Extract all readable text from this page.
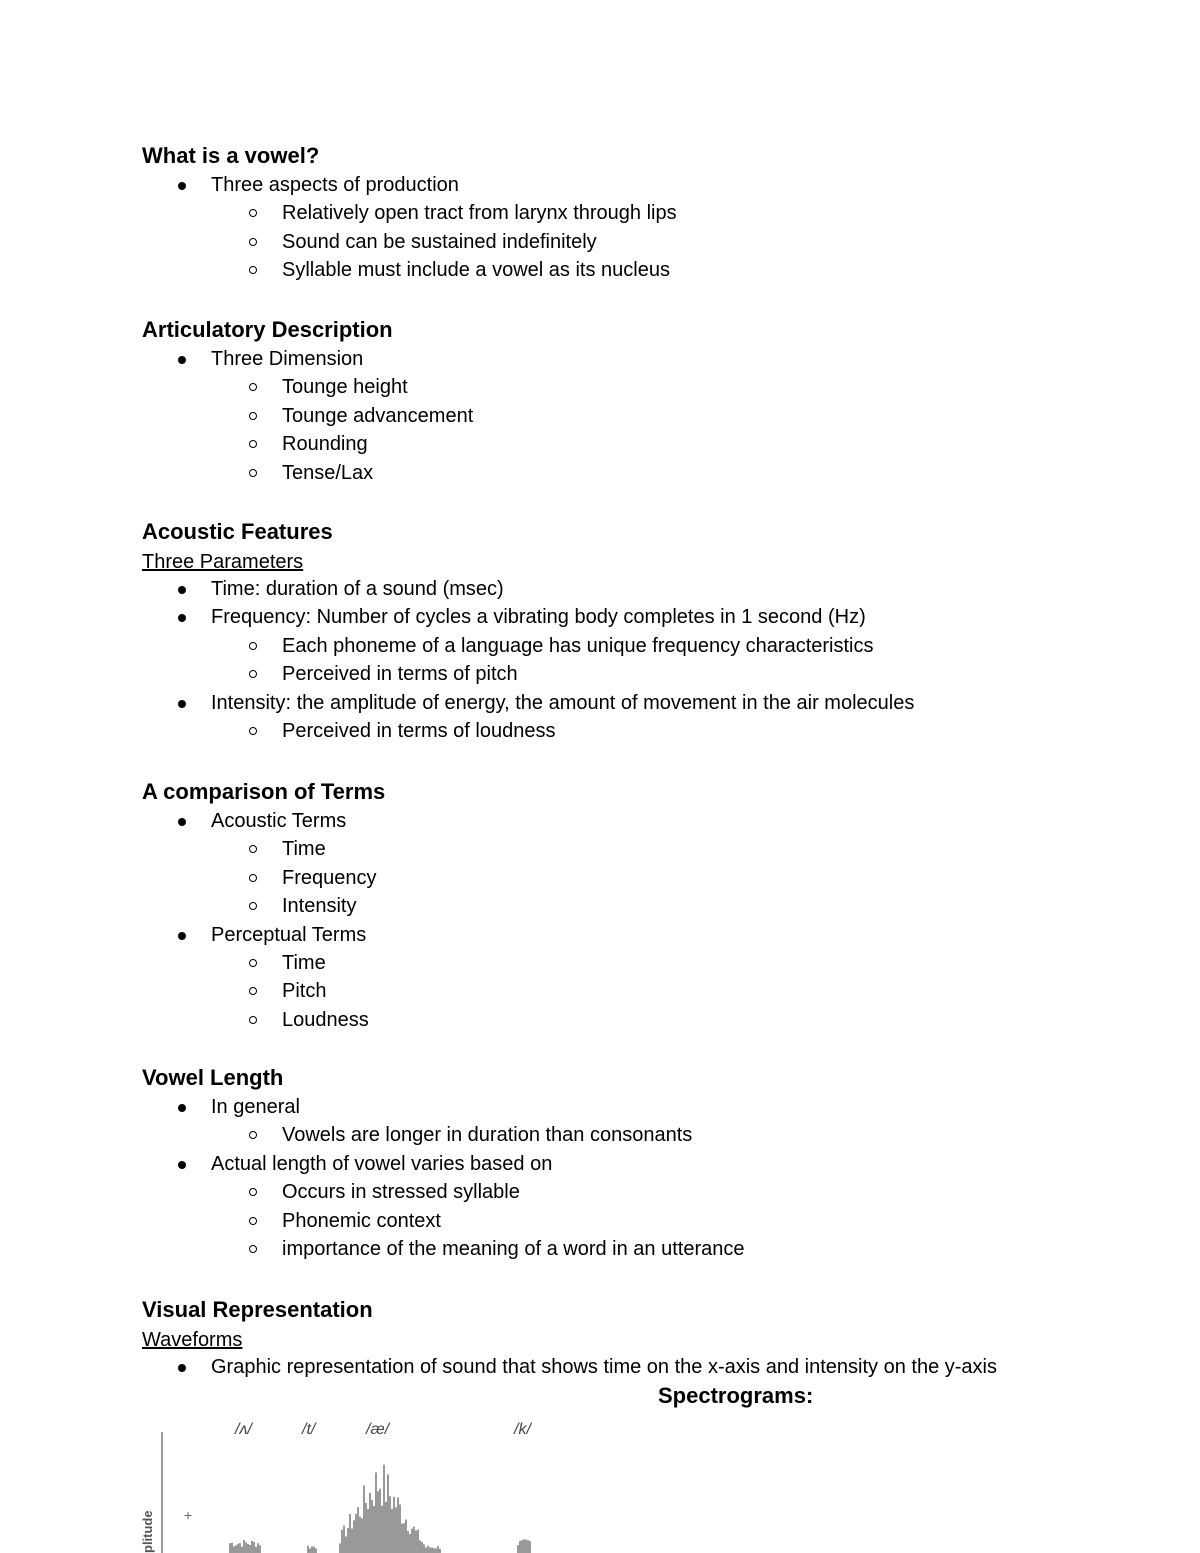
What is a vowel?
Three aspects of production
Relatively open tract from larynx through lips
Sound can be sustained indefinitely
Syllable must include a vowel as its nucleus
Articulatory Description
Three Dimension
Tounge height
Tounge advancement
Rounding
Tense/Lax
Acoustic Features
Three Parameters
Time: duration of a sound (msec)
Frequency: Number of cycles a vibrating body completes in 1 second (Hz)
Each phoneme of a language has unique frequency characteristics
Perceived in terms of pitch
Intensity: the amplitude of energy, the amount of movement in the air molecules
Perceived in terms of loudness
A comparison of Terms
Acoustic Terms
Time
Frequency
Intensity
Perceptual Terms
Time
Pitch
Loudness
Vowel Length
In general
Vowels are longer in duration than consonants
Actual length of vowel varies based on
Occurs in stressed syllable
Phonemic context
importance of the meaning of a word in an utterance
Visual Representation
Waveforms
Graphic representation of sound that shows time on the x-axis and intensity on the y-axis
Spectrograms:
/ʌ/	/t/	/æ/	/k/
plitude +
